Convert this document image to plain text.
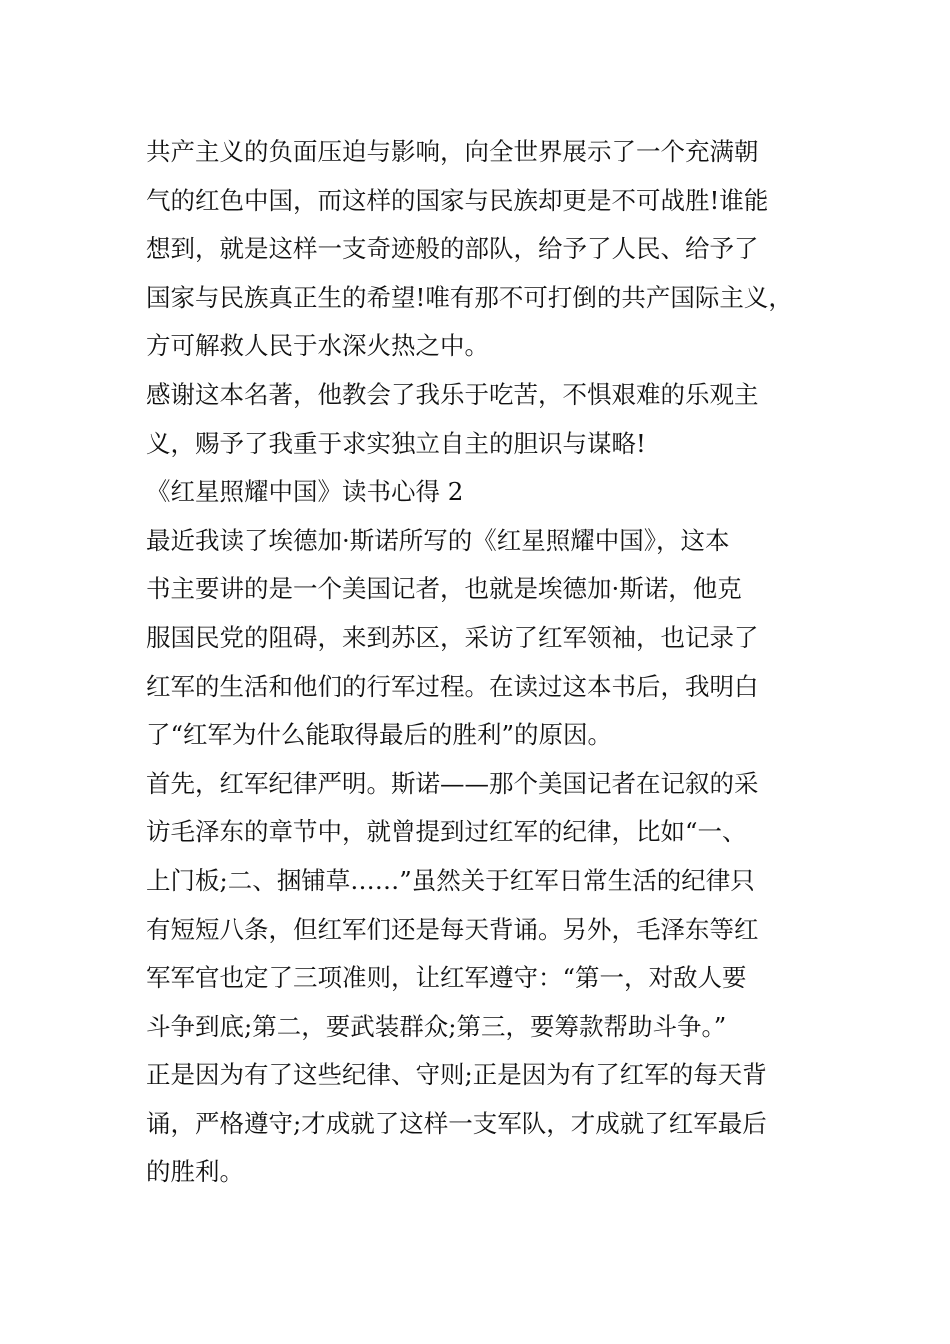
共产主义的负面压迫与影响，向全世界展示了一个充满朝
气的红色中国，而这样的国家与民族却更是不可战胜!谁能
想到，就是这样一支奇迹般的部队，给予了人民、给予了
国家与民族真正生的希望!唯有那不可打倒的共产国际主义，
方可解救人民于水深火热之中。
感谢这本名著，他教会了我乐于吃苦，不惧艰难的乐观主
义，赐予了我重于求实独立自主的胆识与谋略!
《红星照耀中国》读书心得 2
最近我读了埃德加·斯诺所写的《红星照耀中国》，这本
书主要讲的是一个美国记者，也就是埃德加·斯诺，他克
服国民党的阻碍，来到苏区，采访了红军领袖，也记录了
红军的生活和他们的行军过程。在读过这本书后，我明白
了“红军为什么能取得最后的胜利”的原因。
首先，红军纪律严明。斯诺——那个美国记者在记叙的采
访毛泽东的章节中，就曾提到过红军的纪律，比如“一、
上门板;二、捆铺草……”虽然关于红军日常生活的纪律只
有短短八条，但红军们还是每天背诵。另外，毛泽东等红
军军官也定了三项准则，让红军遵守：“第一，对敌人要
斗争到底;第二，要武装群众;第三，要筹款帮助斗争。”
正是因为有了这些纪律、守则;正是因为有了红军的每天背
诵，严格遵守;才成就了这样一支军队，才成就了红军最后
的胜利。
